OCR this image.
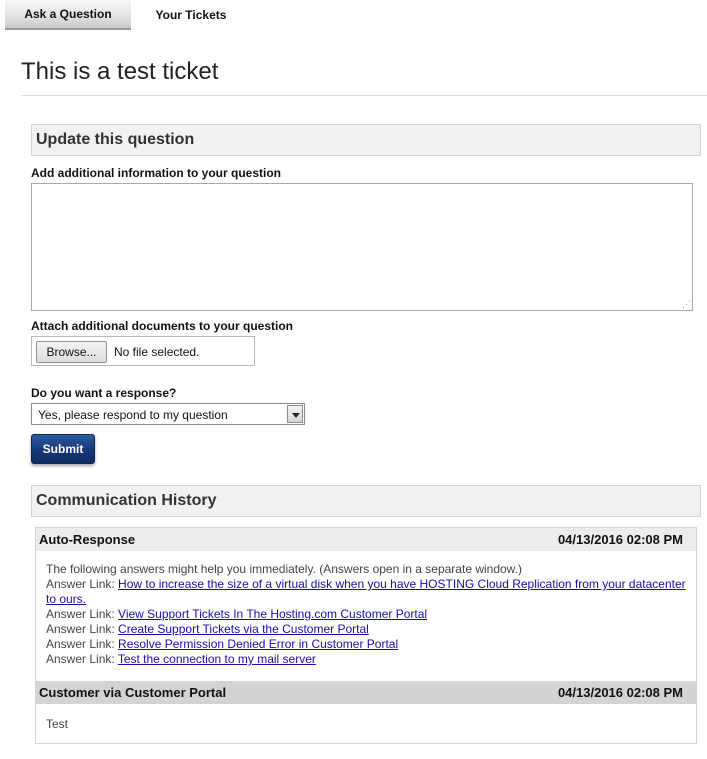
Ask a Question	Your Tickets
This is a test ticket
Update this question
Add additional information to your question
⋰
Attach additional documents to your question
Browse...	No file selected.
Do you want a response?
Yes, please respond to my question
Submit
Communication History
Auto-Response	04/13/2016 02:08 PM

The following answers might help you immediately. (Answers open in a separate window.)

Answer Link: How to increase the size of a virtual disk when you have HOSTING Cloud Replication from your datacenter to ours.

Answer Link: View Support Tickets In The Hosting.com Customer Portal

Answer Link: Create Support Tickets via the Customer Portal

Answer Link: Resolve Permission Denied Error in Customer Portal

Answer Link: Test the connection to my mail server

Customer via Customer Portal	04/13/2016 02:08 PM
Test
